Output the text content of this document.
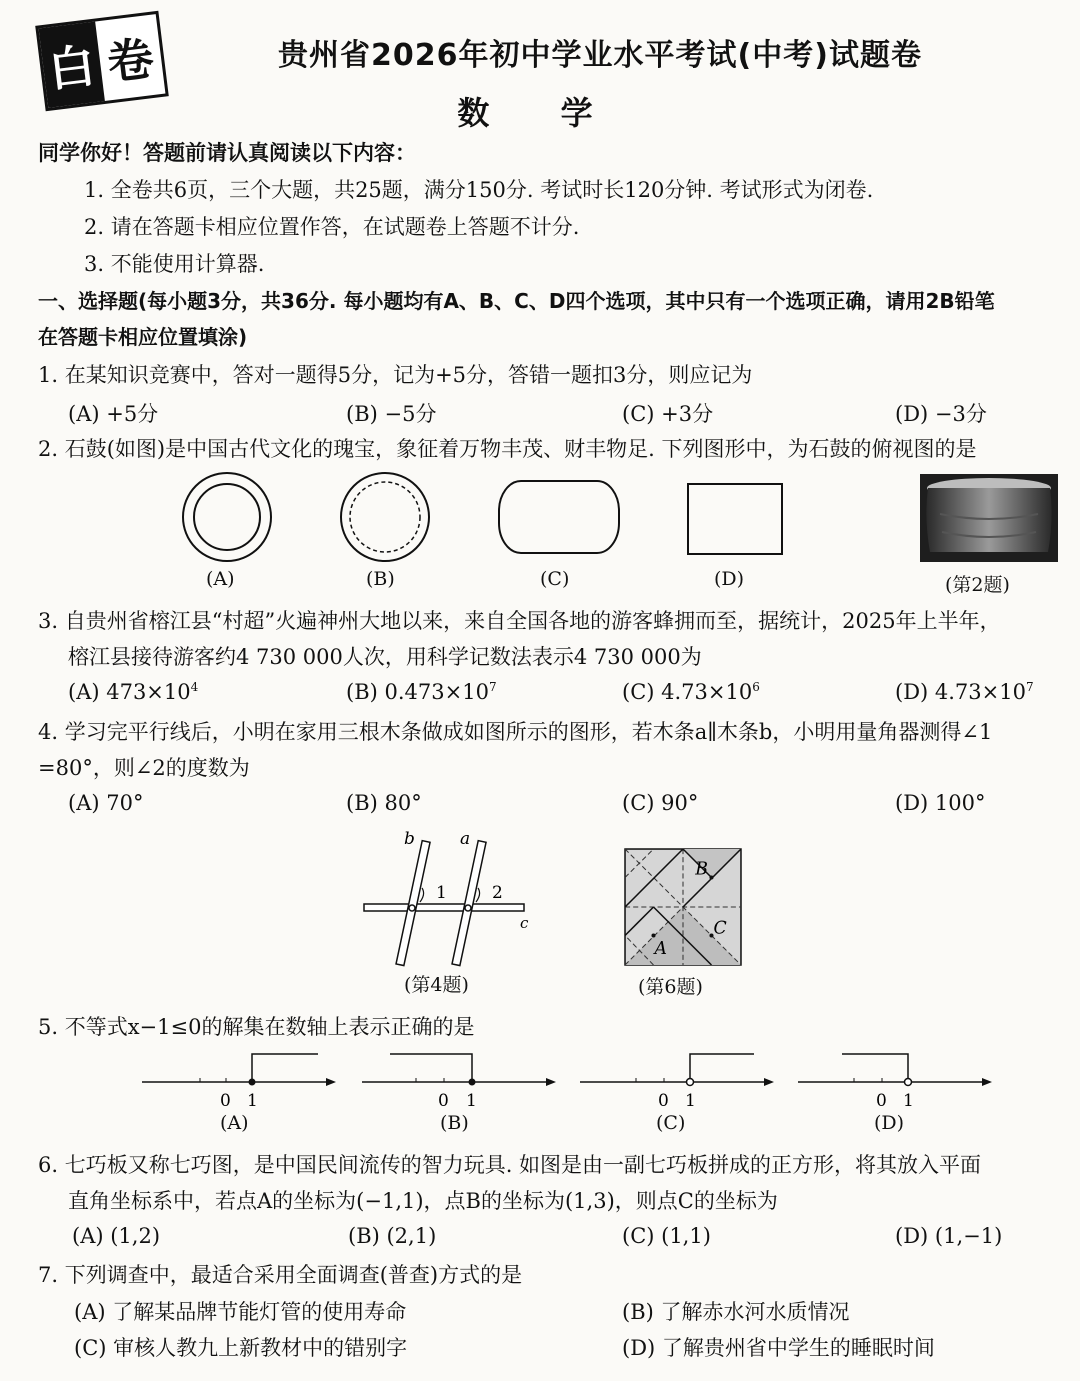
白 卷	贵州省2026年初中学业水平考试(中考)试题卷
数 学
同学你好！答题前请认真阅读以下内容：
1. 全卷共6页，三个大题，共25题，满分150分. 考试时长120分钟. 考试形式为闭卷.
2. 请在答题卡相应位置作答，在试题卷上答题不计分.
3. 不能使用计算器.
一、选择题(每小题3分，共36分. 每小题均有A、B、C、D四个选项，其中只有一个选项正确，请用2B铅笔
在答题卡相应位置填涂)
1. 在某知识竞赛中，答对一题得5分，记为+5分，答错一题扣3分，则应记为
(A) +5分	(B) −5分	(C) +3分	(D) −3分
2. 石鼓(如图)是中国古代文化的瑰宝，象征着万物丰茂、财丰物足. 下列图形中，为石鼓的俯视图的是
(A)	(B)	(C)	(D)	(第2题)
3. 自贵州省榕江县“村超”火遍神州大地以来，来自全国各地的游客蜂拥而至，据统计，2025年上半年，
榕江县接待游客约4 730 000人次，用科学记数法表示4 730 000为
(A) $473\times 10^4$	(B) $0.473\times 10^7$	(C) $4.73\times 10^6$	(D) $4.73\times 10^7$
4. 学习完平行线后，小明在家用三根木条做成如图所示的图形，若木条a∥木条b，小明用量角器测得∠1
=80°，则∠2的度数为
(A) 70°	(B) 80°	(C) 90°	(D) 100°
b	a
c
1	2
(第4题)
B
C
A
(第6题)
5. 不等式x−1≤0的解集在数轴上表示正确的是
0 1	0 1	0 1	0 1
(A)	(B)	(C)	(D)
6. 七巧板又称七巧图，是中国民间流传的智力玩具. 如图是由一副七巧板拼成的正方形，将其放入平面
直角坐标系中，若点A的坐标为(−1,1)，点B的坐标为(1,3)，则点C的坐标为
(A) (1,2)	(B) (2,1)	(C) (1,1)	(D) (1,−1)
7. 下列调查中，最适合采用全面调查(普查)方式的是
(A) 了解某品牌节能灯管的使用寿命	(B) 了解赤水河水质情况
(C) 审核人教九上新教材中的错别字	(D) 了解贵州省中学生的睡眠时间
